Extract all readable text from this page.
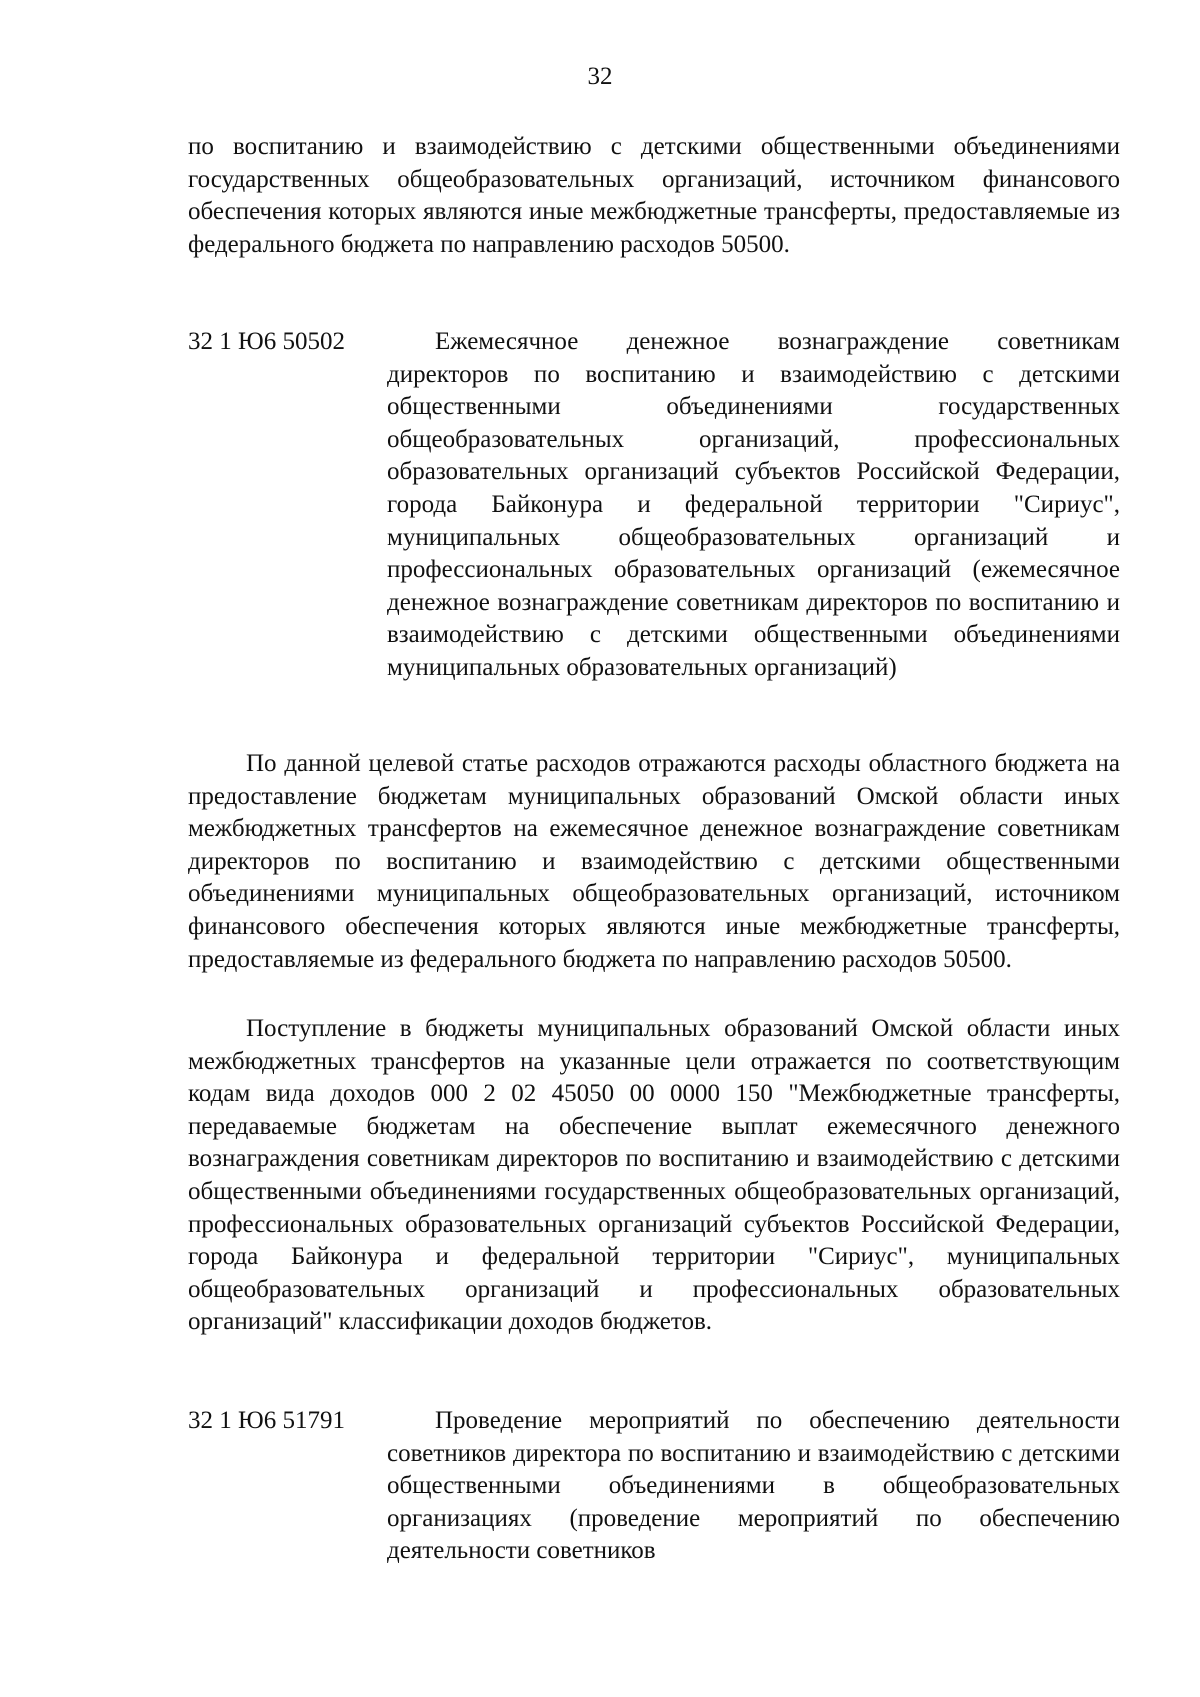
32

по воспитанию и взаимодействию с детскими общественными объединениями государственных общеобразовательных организаций, источником финансового обеспечения которых являются иные межбюджетные трансферты, предоставляемые из федерального бюджета по направлению расходов 50500.

32 1 Ю6 50502	Ежемесячное денежное вознаграждение советникам директоров по воспитанию и взаимодействию с детскими общественными объединениями государственных общеобразовательных организаций, профессиональных образовательных организаций субъектов Российской Федерации, города Байконура и федеральной территории "Сириус", муниципальных общеобразовательных организаций и профессиональных образовательных организаций (ежемесячное денежное вознаграждение советникам директоров по воспитанию и взаимодействию с детскими общественными объединениями муниципальных образовательных организаций)

По данной целевой статье расходов отражаются расходы областного бюджета на предоставление бюджетам муниципальных образований Омской области иных межбюджетных трансфертов на ежемесячное денежное вознаграждение советникам директоров по воспитанию и взаимодействию с детскими общественными объединениями муниципальных общеобразовательных организаций, источником финансового обеспечения которых являются иные межбюджетные трансферты, предоставляемые из федерального бюджета по направлению расходов 50500.

Поступление в бюджеты муниципальных образований Омской области иных межбюджетных трансфертов на указанные цели отражается по соответствующим кодам вида доходов 000 2 02 45050 00 0000 150 "Межбюджетные трансферты, передаваемые бюджетам на обеспечение выплат ежемесячного денежного вознаграждения советникам директоров по воспитанию и взаимодействию с детскими общественными объединениями государственных общеобразовательных организаций, профессиональных образовательных организаций субъектов Российской Федерации, города Байконура и федеральной территории "Сириус", муниципальных общеобразовательных организаций и профессиональных образовательных организаций" классификации доходов бюджетов.

32 1 Ю6 51791	Проведение мероприятий по обеспечению деятельности советников директора по воспитанию и взаимодействию с детскими общественными объединениями в общеобразовательных организациях (проведение мероприятий по обеспечению деятельности советников
